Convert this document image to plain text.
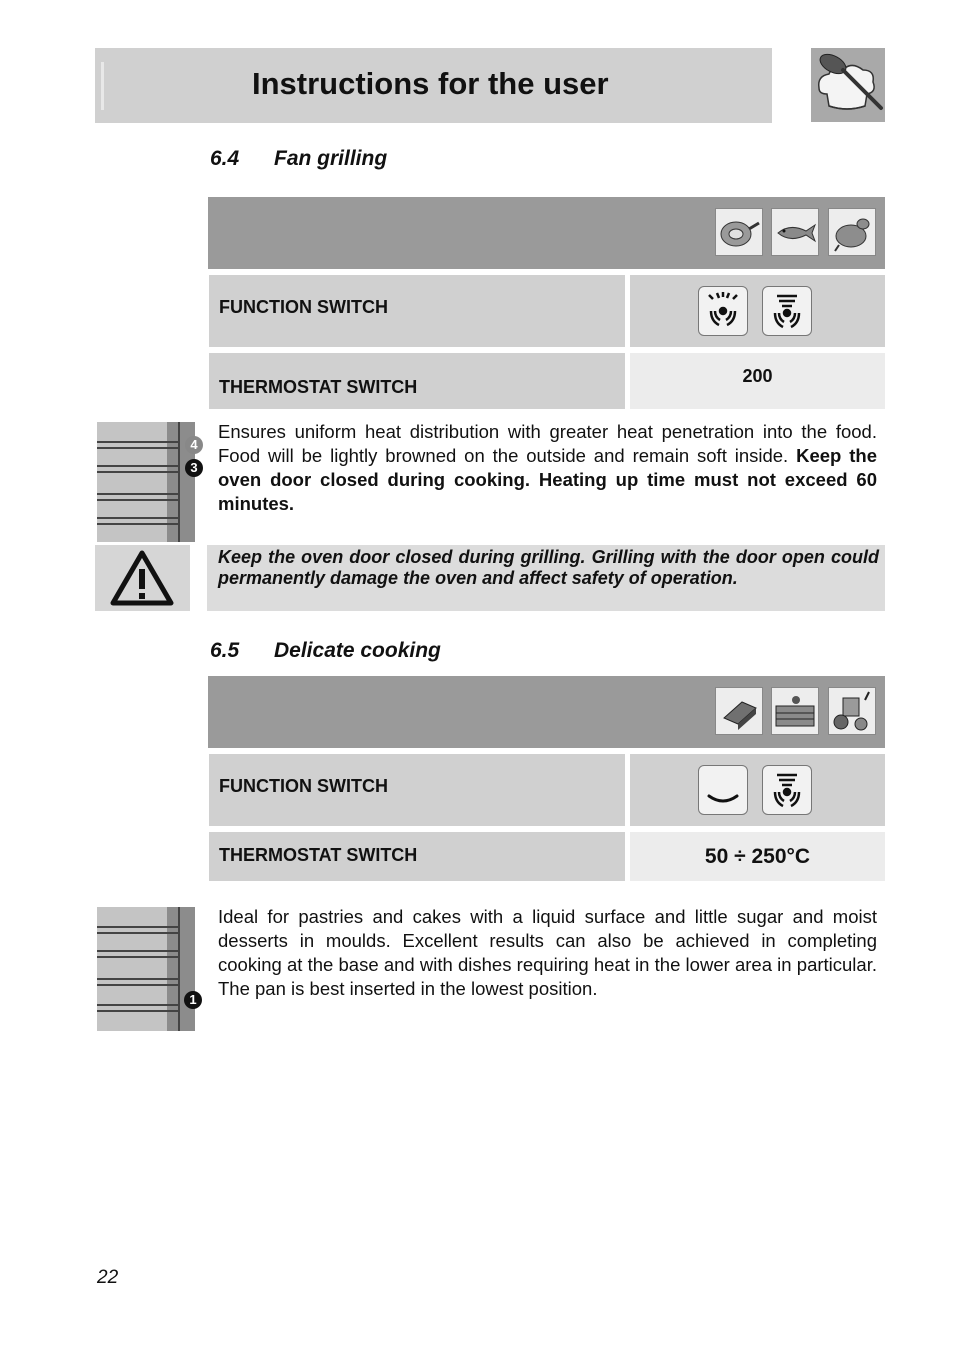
Instructions for the user
6.4 Fan grilling
FUNCTION SWITCH
THERMOSTAT SWITCH
200
4
3
Ensures uniform heat distribution with greater heat penetration into the food. Food will be lightly browned on the outside and remain soft inside. Keep the oven door closed during cooking. Heating up time must not exceed 60 minutes.
Keep the oven door closed during grilling. Grilling with the door open could permanently damage the oven and affect safety of operation.
6.5 Delicate cooking
FUNCTION SWITCH
THERMOSTAT SWITCH	50 ÷ 250°C
1
Ideal for pastries and cakes with a liquid surface and little sugar and moist desserts in moulds. Excellent results can also be achieved in completing cooking at the base and with dishes requiring heat in the lower area in particular. The pan is best inserted in the lowest position.
22
